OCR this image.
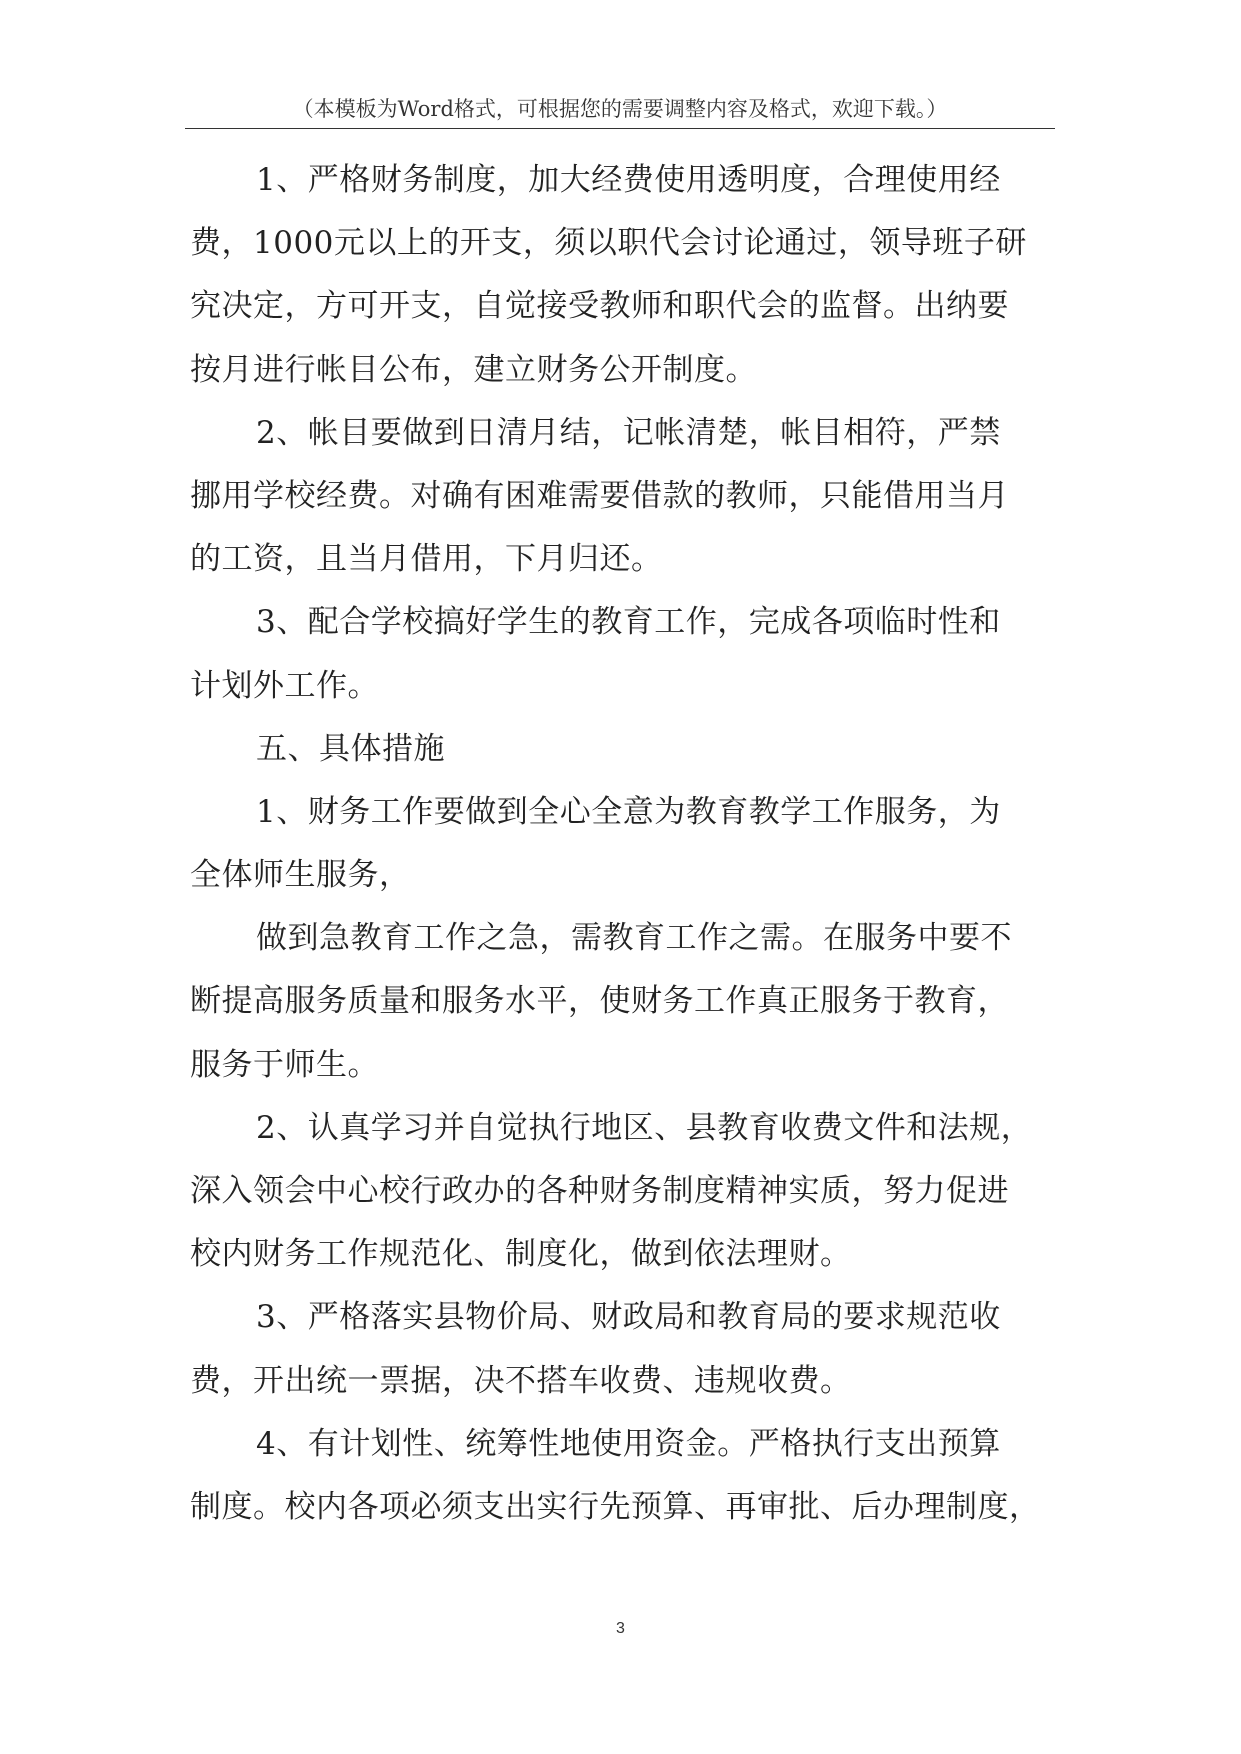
（本模板为Word格式，可根据您的需要调整内容及格式，欢迎下载。）
1、严格财务制度，加大经费使用透明度，合理使用经
费，1000元以上的开支，须以职代会讨论通过，领导班子研
究决定，方可开支，自觉接受教师和职代会的监督。出纳要
按月进行帐目公布，建立财务公开制度。
2、帐目要做到日清月结，记帐清楚，帐目相符，严禁
挪用学校经费。对确有困难需要借款的教师，只能借用当月
的工资，且当月借用，下月归还。
3、配合学校搞好学生的教育工作，完成各项临时性和
计划外工作。
五、具体措施
1、财务工作要做到全心全意为教育教学工作服务，为
全体师生服务，
做到急教育工作之急，需教育工作之需。在服务中要不
断提高服务质量和服务水平，使财务工作真正服务于教育，
服务于师生。
2、认真学习并自觉执行地区、县教育收费文件和法规，
深入领会中心校行政办的各种财务制度精神实质，努力促进
校内财务工作规范化、制度化，做到依法理财。
3、严格落实县物价局、财政局和教育局的要求规范收
费，开出统一票据，决不搭车收费、违规收费。
4、有计划性、统筹性地使用资金。严格执行支出预算
制度。校内各项必须支出实行先预算、再审批、后办理制度，
3
